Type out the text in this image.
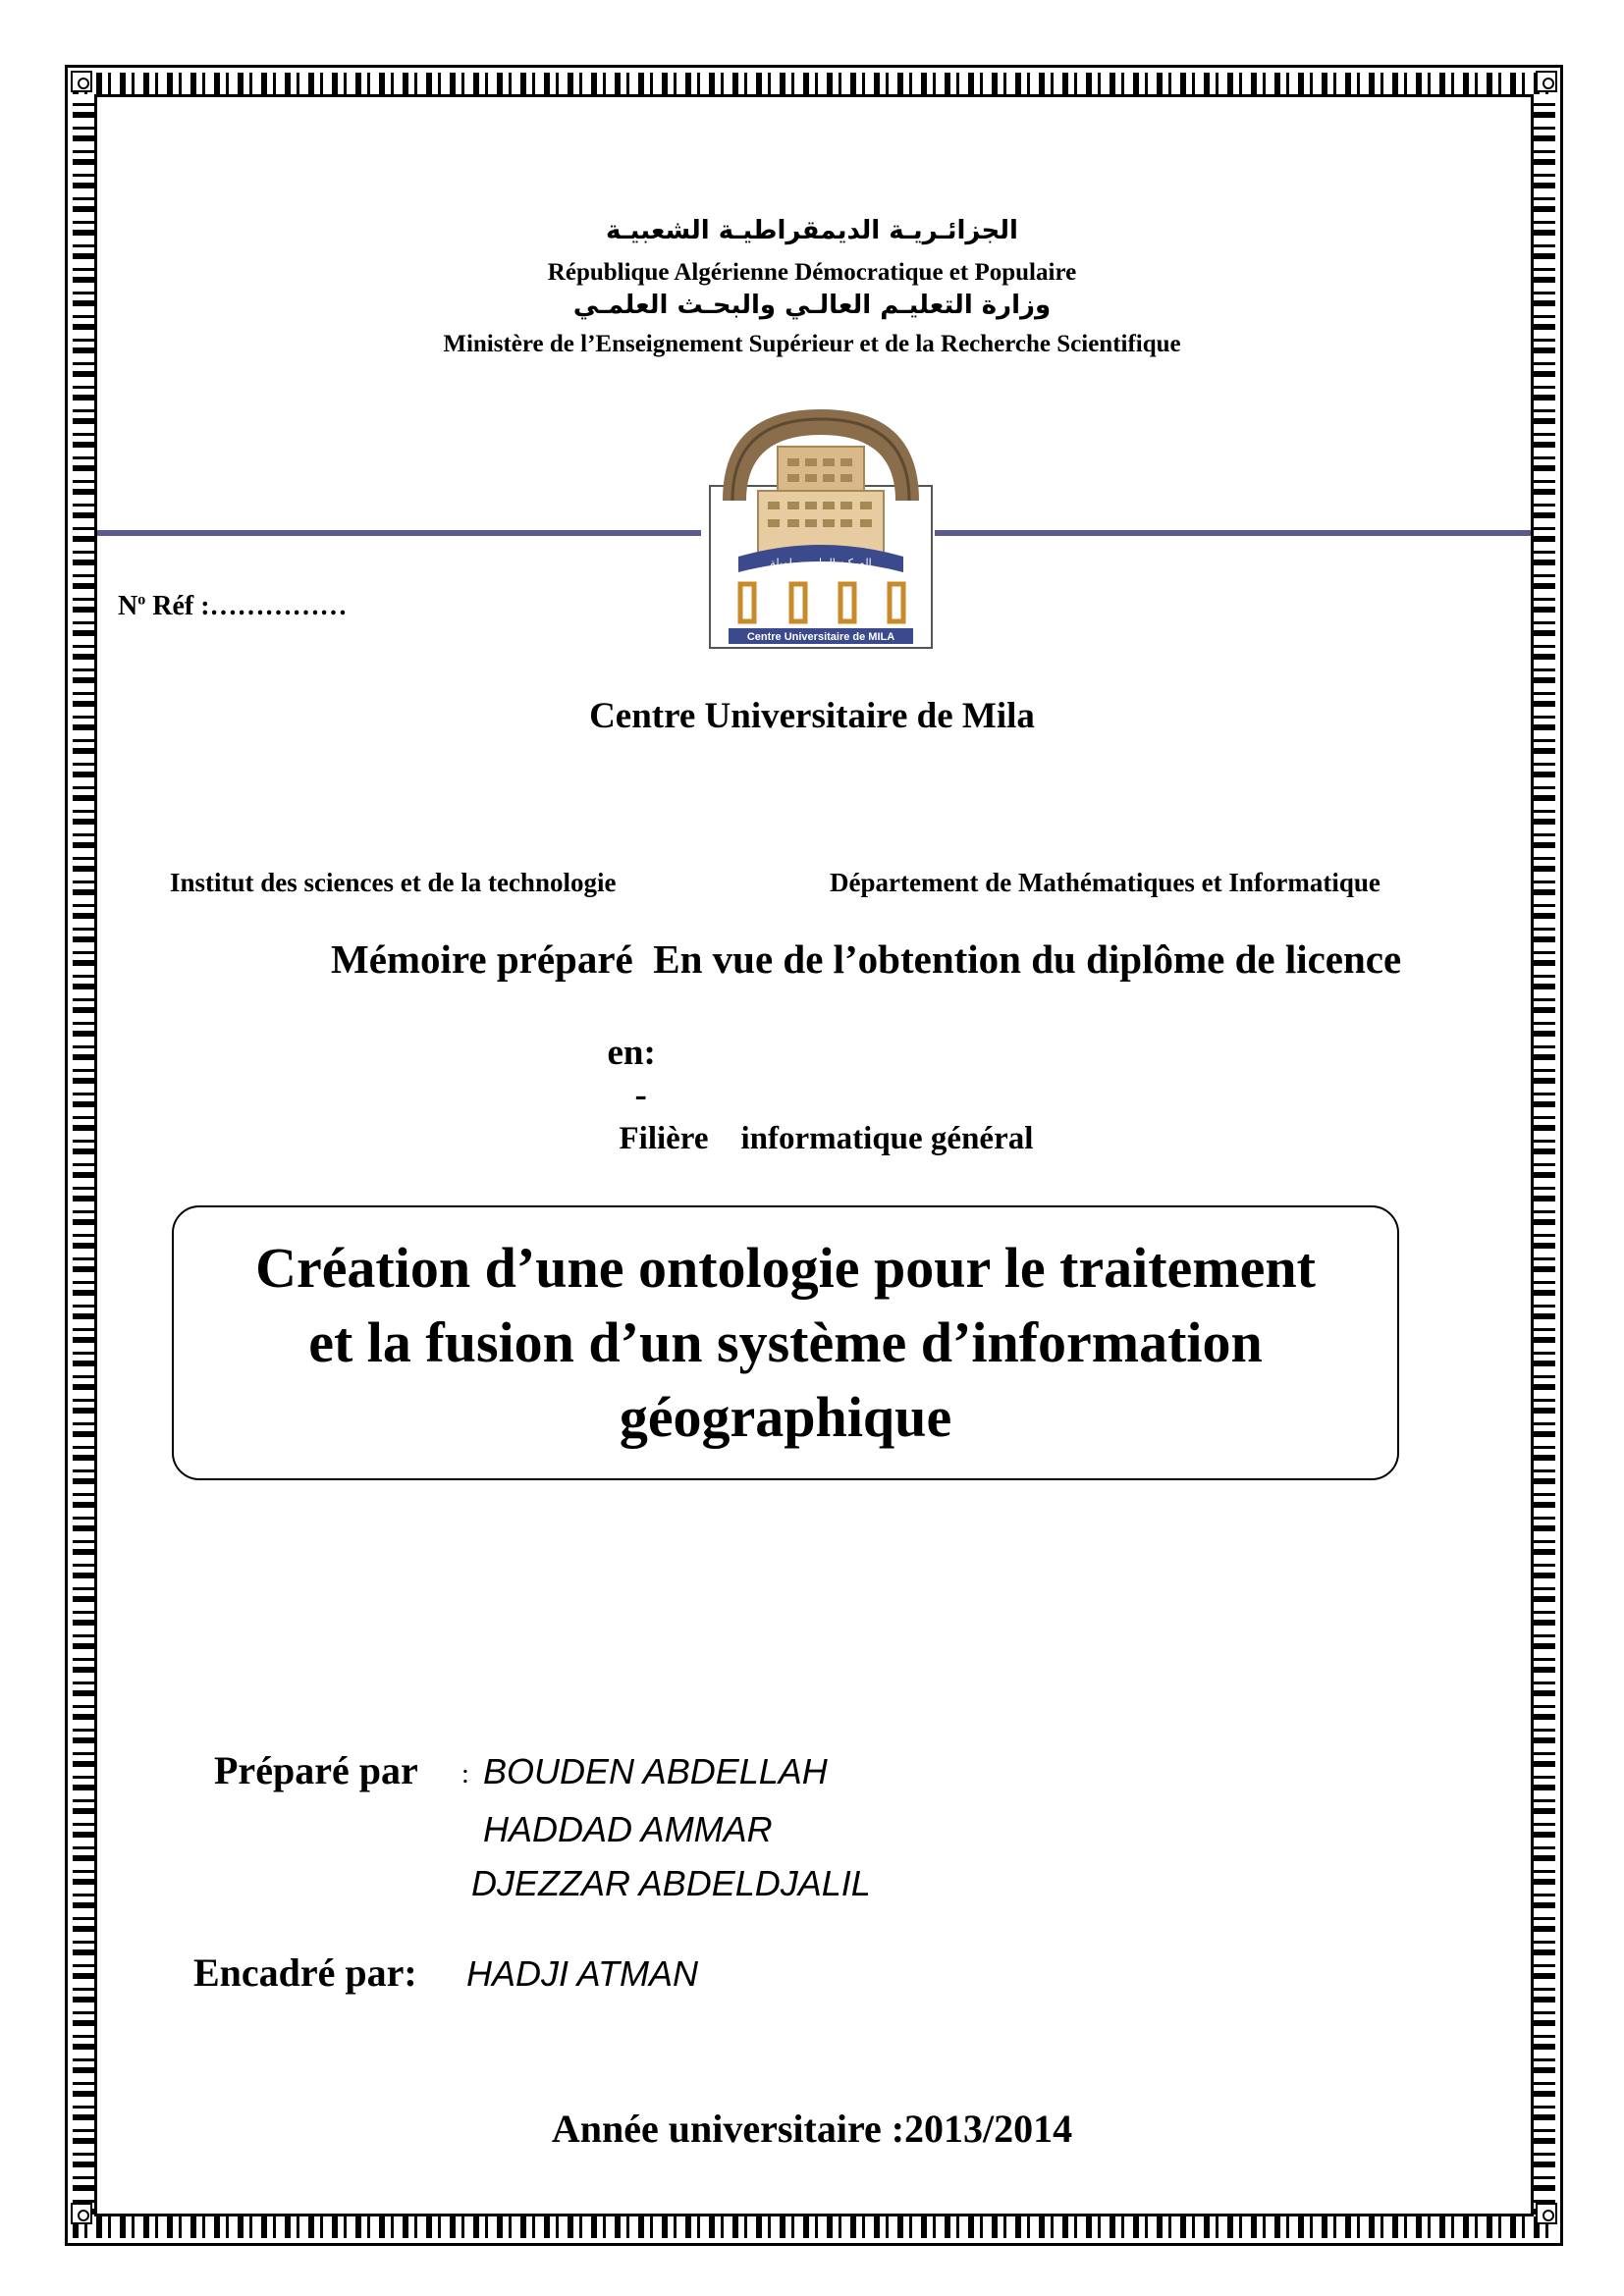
الجزائـريـة الديمقراطيـة الشعبيـة
République Algérienne Démocratique et Populaire
وزارة التعليـم العالـي والبحـث العلمـي
Ministère de l’Enseignement Supérieur et de la Recherche Scientifique
المركـز الجامعـي لميلة
Centre Universitaire de MILA
$N^o$ Réf :……………
Centre Universitaire de Mila
Institut des sciences et de la technologie	Département de Mathématiques et Informatique
Mémoire préparé  En vue de l’obtention du diplôme de licence

en:
-
Filière    informatique général

Création d’une ontologie pour le traitement et la fusion d’un système d’information géographique
Préparé par : BOUDEN ABDELLAH
HADDAD AMMAR
DJEZZAR ABDELDJALIL
Encadré par: HADJI ATMAN
Année universitaire :2013/2014
